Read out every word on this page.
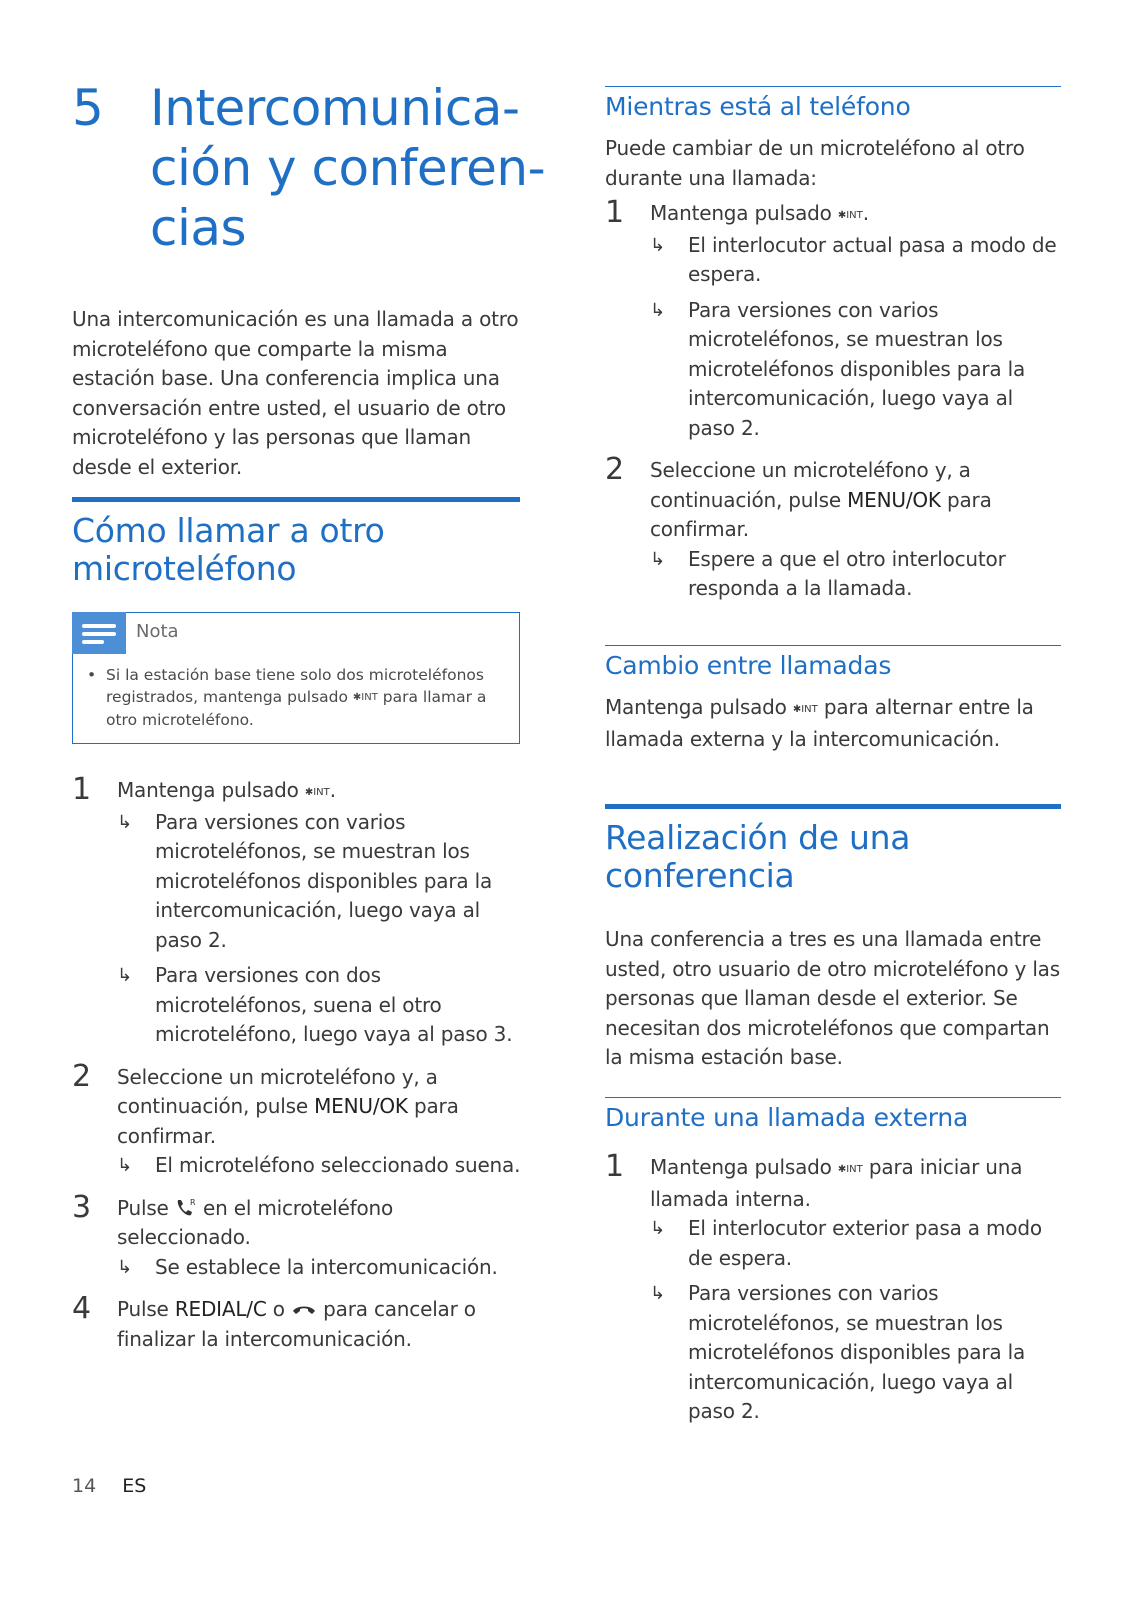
5 Intercomunica-
ción y conferen-
cias

Una intercomunicación es una llamada a otro microteléfono que comparte la misma estación base. Una conferencia implica una conversación entre usted, el usuario de otro microteléfono y las personas que llaman desde el exterior.

Cómo llamar a otro
microteléfono
Nota
• Si la estación base tiene solo dos microteléfonos registrados, mantenga pulsado ✱INT para llamar a otro microteléfono.
1 Mantenga pulsado ✱INT.
↳ Para versiones con varios microteléfonos, se muestran los microteléfonos disponibles para la intercomunicación, luego vaya al paso 2.
↳ Para versiones con dos microteléfonos, suena el otro microteléfono, luego vaya al paso 3.
2 Seleccione un microteléfono y, a continuación, pulse MENU/OK para confirmar.
↳ El microteléfono seleccionado suena.
3 Pulse	R en el microteléfono seleccionado.
↳ Se establece la intercomunicación.
4 Pulse REDIAL/C o para cancelar o finalizar la intercomunicación.
Mientras está al teléfono

Puede cambiar de un microteléfono al otro durante una llamada:

1 Mantenga pulsado ✱INT.
↳ El interlocutor actual pasa a modo de espera.
↳ Para versiones con varios microteléfonos, se muestran los microteléfonos disponibles para la intercomunicación, luego vaya al paso 2.
2 Seleccione un microteléfono y, a continuación, pulse MENU/OK para confirmar.
↳ Espere a que el otro interlocutor responda a la llamada.
Cambio entre llamadas

Mantenga pulsado ✱INT para alternar entre la llamada externa y la intercomunicación.

Realización de una
conferencia

Una conferencia a tres es una llamada entre usted, otro usuario de otro microteléfono y las personas que llaman desde el exterior. Se necesitan dos microteléfonos que compartan la misma estación base.

Durante una llamada externa
1 Mantenga pulsado ✱INT para iniciar una llamada interna.
↳ El interlocutor exterior pasa a modo de espera.
↳ Para versiones con varios microteléfonos, se muestran los microteléfonos disponibles para la intercomunicación, luego vaya al paso 2.
14 ES
